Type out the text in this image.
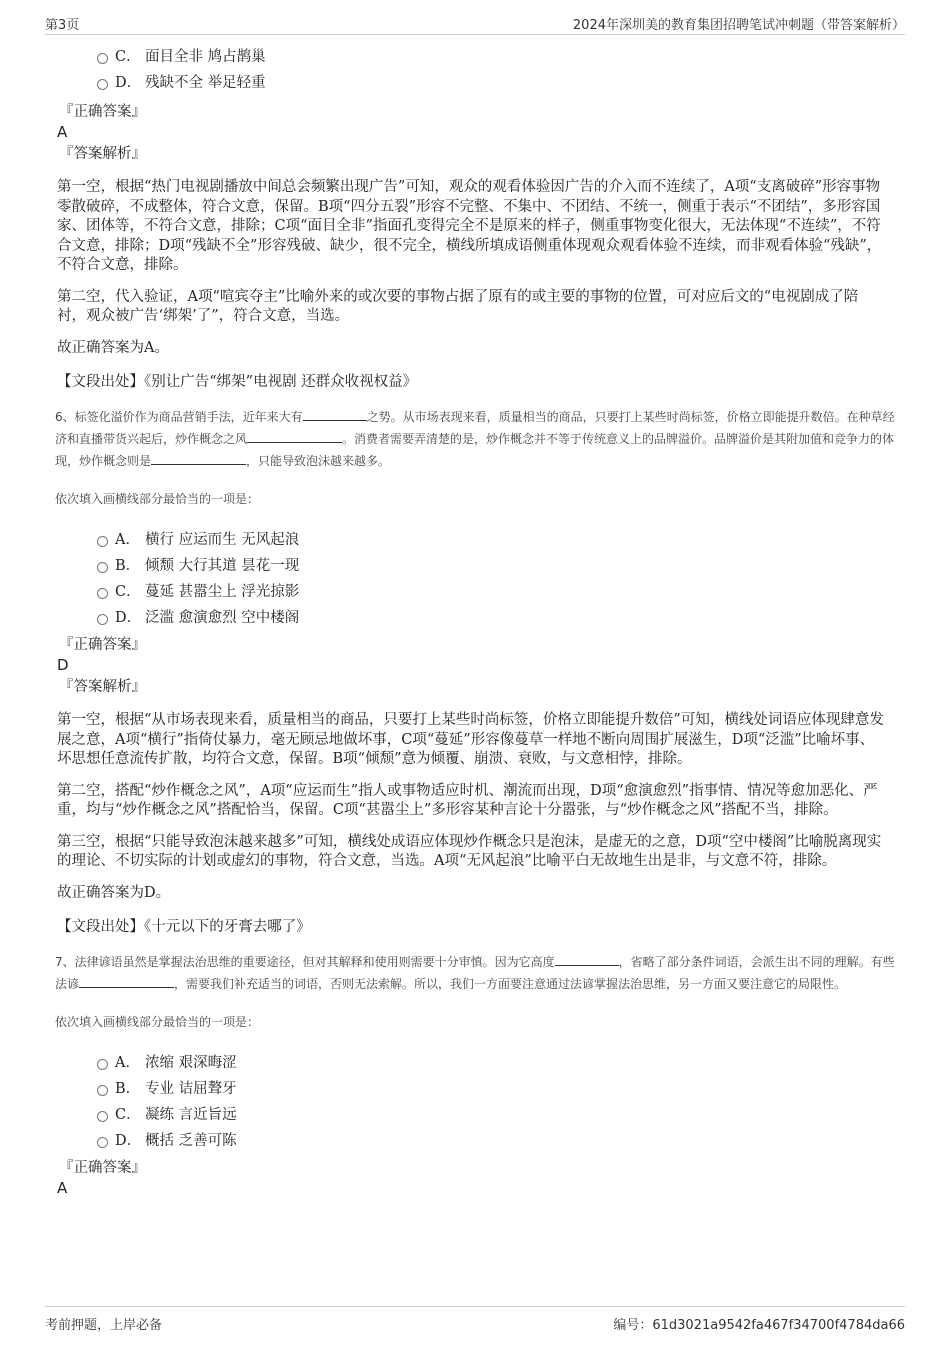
第3页	2024年深圳美的教育集团招聘笔试冲刺题（带答案解析）
C． 面目全非 鸠占鹊巢
D． 残缺不全 举足轻重
『正确答案』
A
『答案解析』

第一空，根据“热门电视剧播放中间总会频繁出现广告”可知，观众的观看体验因广告的介入而不连续了，A项“支离破碎”形容事物零散破碎，不成整体，符合文意，保留。B项“四分五裂”形容不完整、不集中、不团结、不统一，侧重于表示“不团结”，多形容国家、团体等，不符合文意，排除；C项“面目全非”指面孔变得完全不是原来的样子，侧重事物变化很大，无法体现“不连续”，不符合文意，排除；D项“残缺不全”形容残破、缺少，很不完全，横线所填成语侧重体现观众观看体验不连续，而非观看体验“残缺”，不符合文意，排除。

第二空，代入验证，A项“喧宾夺主”比喻外来的或次要的事物占据了原有的或主要的事物的位置，可对应后文的“电视剧成了陪衬，观众被广告‘绑架’了”，符合文意，当选。

故正确答案为A。

【文段出处】《别让广告“绑架”电视剧 还群众收视权益》
6、标签化溢价作为商品营销手法，近年来大有	之势。从市场表现来看，质量相当的商品，只要打上某些时尚标签，价格立即能提升数倍。在种草经济和直播带货兴起后，炒作概念之风	。消费者需要弄清楚的是，炒作概念并不等于传统意义上的品牌溢价。品牌溢价是其附加值和竞争力的体现，炒作概念则是	，只能导致泡沫越来越多。
依次填入画横线部分最恰当的一项是：
A． 横行 应运而生 无风起浪
B． 倾颓 大行其道 昙花一现
C． 蔓延 甚嚣尘上 浮光掠影
D． 泛滥 愈演愈烈 空中楼阁
『正确答案』
D
『答案解析』

第一空，根据“从市场表现来看，质量相当的商品，只要打上某些时尚标签，价格立即能提升数倍”可知，横线处词语应体现肆意发展之意，A项“横行”指倚仗暴力，毫无顾忌地做坏事，C项“蔓延”形容像蔓草一样地不断向周围扩展滋生，D项“泛滥”比喻坏事、坏思想任意流传扩散，均符合文意，保留。B项“倾颓”意为倾覆、崩溃、衰败，与文意相悖，排除。

第二空，搭配“炒作概念之风”，A项“应运而生”指人或事物适应时机、潮流而出现，D项“愈演愈烈”指事情、情况等愈加恶化、严重，均与“炒作概念之风”搭配恰当，保留。C项“甚嚣尘上”多形容某种言论十分嚣张，与“炒作概念之风”搭配不当，排除。

第三空，根据“只能导致泡沫越来越多”可知，横线处成语应体现炒作概念只是泡沫，是虚无的之意，D项“空中楼阁”比喻脱离现实的理论、不切实际的计划或虚幻的事物，符合文意，当选。A项“无风起浪”比喻平白无故地生出是非，与文意不符，排除。

故正确答案为D。

【文段出处】《十元以下的牙膏去哪了》
7、法律谚语虽然是掌握法治思维的重要途径，但对其解释和使用则需要十分审慎。因为它高度	，省略了部分条件词语，会派生出不同的理解。有些法谚	，需要我们补充适当的词语，否则无法索解。所以，我们一方面要注意通过法谚掌握法治思维，另一方面又要注意它的局限性。
依次填入画横线部分最恰当的一项是：
A． 浓缩 艰深晦涩
B． 专业 诘屈聱牙
C． 凝练 言近旨远
D． 概括 乏善可陈
『正确答案』
A
考前押题，上岸必备	编号：61d3021a9542fa467f34700f4784da66
